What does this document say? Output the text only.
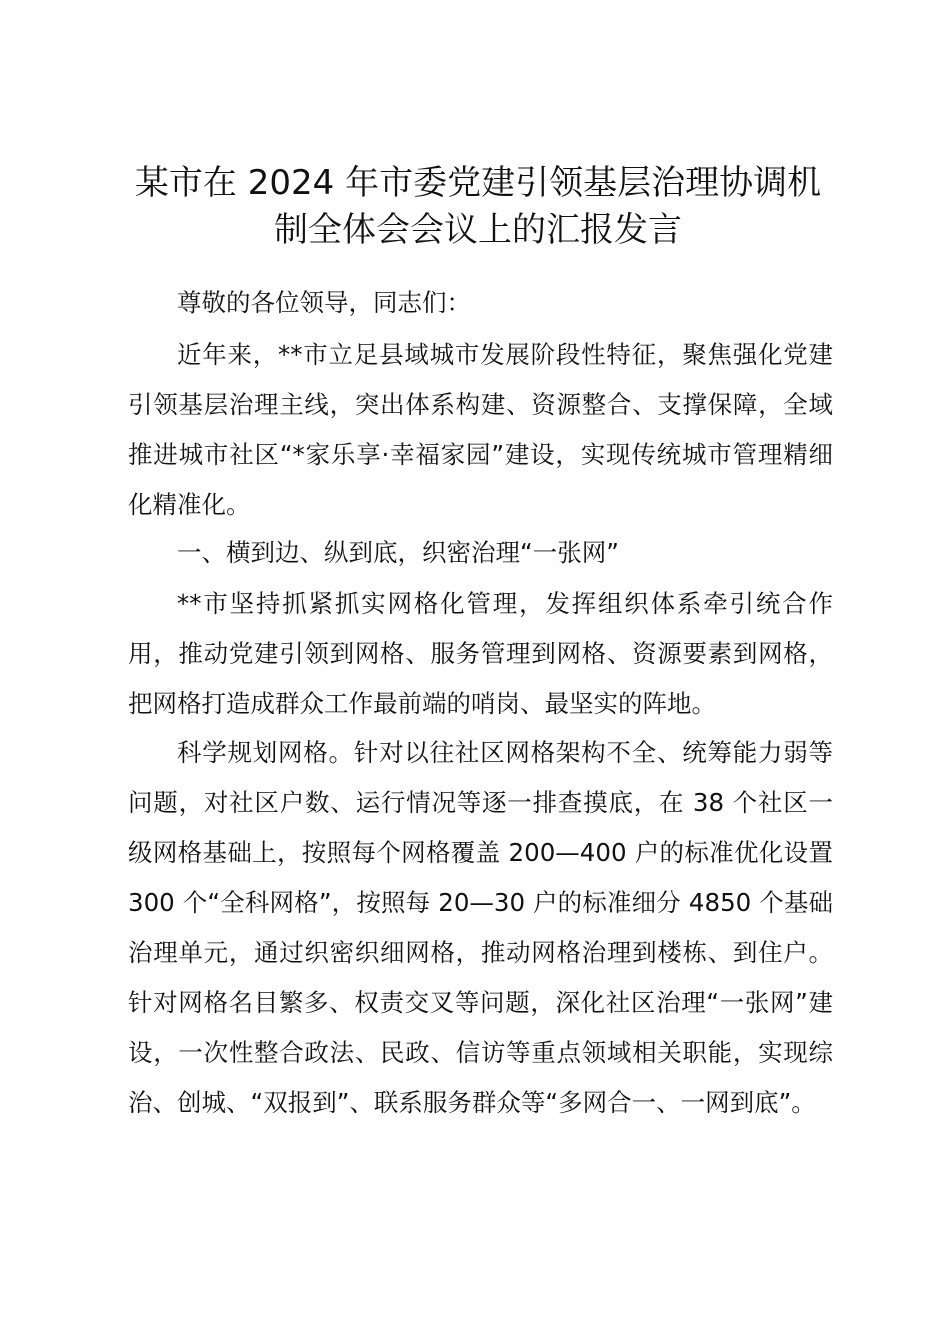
某市在 2024 年市委党建引领基层治理协调机
制全体会会议上的汇报发言

尊敬的各位领导，同志们：

近年来，**市立足县域城市发展阶段性特征，聚焦强化党建引领基层治理主线，突出体系构建、资源整合、支撑保障，全域推进城市社区“*家乐享·幸福家园”建设，实现传统城市管理精细化精准化。

一、横到边、纵到底，织密治理“一张网”

**市坚持抓紧抓实网格化管理，发挥组织体系牵引统合作用，推动党建引领到网格、服务管理到网格、资源要素到网格，把网格打造成群众工作最前端的哨岗、最坚实的阵地。

科学规划网格。针对以往社区网格架构不全、统筹能力弱等问题，对社区户数、运行情况等逐一排查摸底，在 38 个社区一级网格基础上，按照每个网格覆盖 200—400 户的标准优化设置 300 个“全科网格”，按照每 20—30 户的标准细分 4850 个基础治理单元，通过织密织细网格，推动网格治理到楼栋、到住户。针对网格名目繁多、权责交叉等问题，深化社区治理“一张网”建设，一次性整合政法、民政、信访等重点领域相关职能，实现综治、创城、“双报到”、联系服务群众等“多网合一、一网到底”。
